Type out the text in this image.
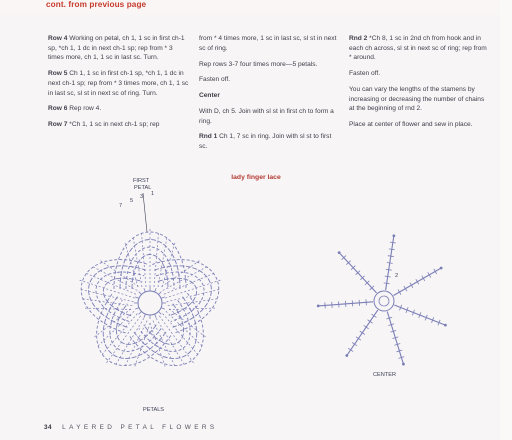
cont. from previous page

Row 4 Working on petal, ch 1, 1 sc in first ch-1 sp, *ch 1, 1 dc in next ch-1 sp; rep from * 3 times more, ch 1, 1 sc in last sc. Turn.

Row 5 Ch 1, 1 sc in first ch-1 sp, *ch 1, 1 dc in next ch-1 sp; rep from * 3 times more, ch 1, 1 sc in last sc, sl st in next sc of ring. Turn.

Row 6 Rep row 4.

Row 7 *Ch 1, 1 sc in next ch-1 sp; rep

from * 4 times more, 1 sc in last sc, sl st in next sc of ring.

Rep rows 3-7 four times more—5 petals.

Fasten off.

Center

With D, ch 5. Join with sl st in first ch to form a ring.

Rnd 1 Ch 1, 7 sc in ring. Join with sl st to first sc.

Rnd 2 *Ch 8, 1 sc in 2nd ch from hook and in each ch across, sl st in next sc of ring; rep from * around.

Fasten off.

You can vary the lengths of the stamens by increasing or decreasing the number of chains at the beginning of rnd 2.

Place at center of flower and sew in place.

lady finger lace
FIRST
PETAL
7
5
3 1
PETALS
CENTER
2
34 LAYERED PETAL FLOWERS
